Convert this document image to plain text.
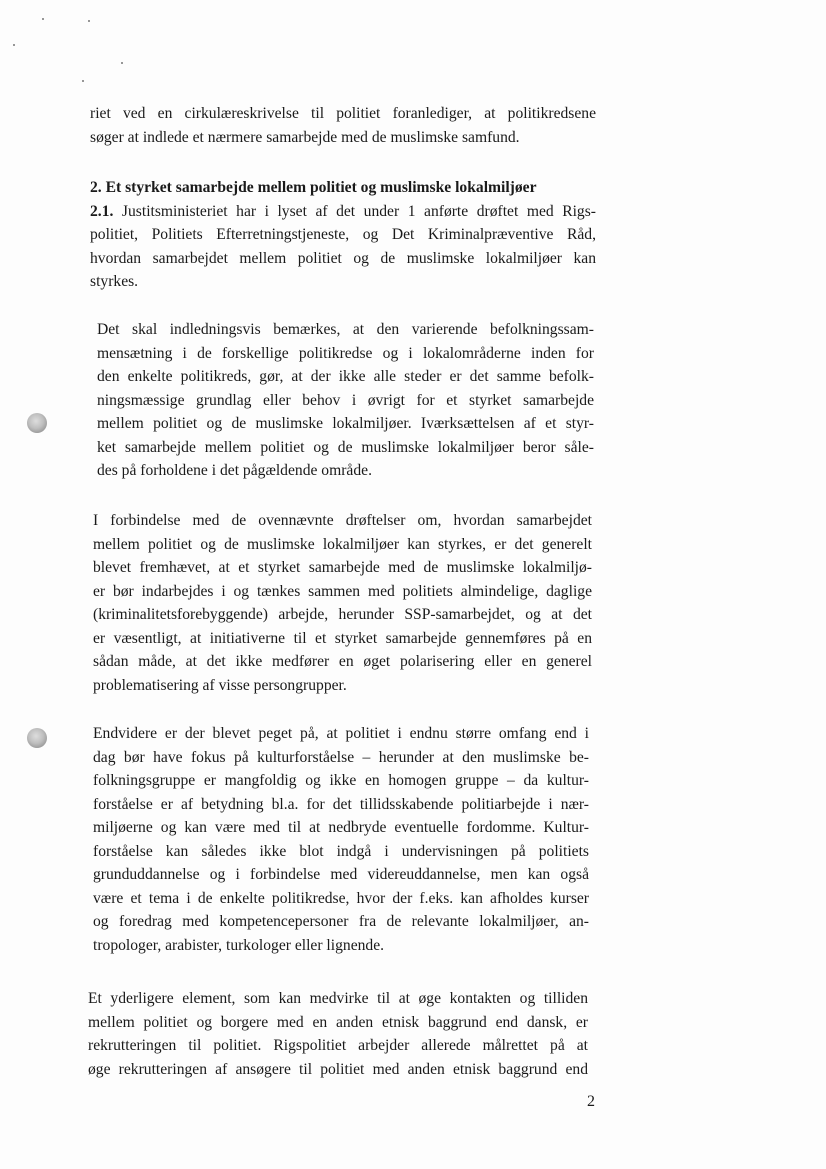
riet ved en cirkulæreskrivelse til politiet foranlediger, at politikredsene
søger at indlede et nærmere samarbejde med de muslimske samfund.
2. Et styrket samarbejde mellem politiet og muslimske lokalmiljøer
2.1. Justitsministeriet har i lyset af det under 1 anførte drøftet med Rigs-
politiet, Politiets Efterretningstjeneste, og Det Kriminalpræventive Råd,
hvordan samarbejdet mellem politiet og de muslimske lokalmiljøer kan
styrkes.
Det skal indledningsvis bemærkes, at den varierende befolkningssam-
mensætning i de forskellige politikredse og i lokalområderne inden for
den enkelte politikreds, gør, at der ikke alle steder er det samme befolk-
ningsmæssige grundlag eller behov i øvrigt for et styrket samarbejde
mellem politiet og de muslimske lokalmiljøer. Iværksættelsen af et styr-
ket samarbejde mellem politiet og de muslimske lokalmiljøer beror såle-
des på forholdene i det pågældende område.
I forbindelse med de ovennævnte drøftelser om, hvordan samarbejdet
mellem politiet og de muslimske lokalmiljøer kan styrkes, er det generelt
blevet fremhævet, at et styrket samarbejde med de muslimske lokalmiljø-
er bør indarbejdes i og tænkes sammen med politiets almindelige, daglige
(kriminalitetsforebyggende) arbejde, herunder SSP-samarbejdet, og at det
er væsentligt, at initiativerne til et styrket samarbejde gennemføres på en
sådan måde, at det ikke medfører en øget polarisering eller en generel
problematisering af visse persongrupper.
Endvidere er der blevet peget på, at politiet i endnu større omfang end i
dag bør have fokus på kulturforståelse – herunder at den muslimske be-
folkningsgruppe er mangfoldig og ikke en homogen gruppe – da kultur-
forståelse er af betydning bl.a. for det tillidsskabende politiarbejde i nær-
miljøerne og kan være med til at nedbryde eventuelle fordomme. Kultur-
forståelse kan således ikke blot indgå i undervisningen på politiets
grunduddannelse og i forbindelse med videreuddannelse, men kan også
være et tema i de enkelte politikredse, hvor der f.eks. kan afholdes kurser
og foredrag med kompetencepersoner fra de relevante lokalmiljøer, an-
tropologer, arabister, turkologer eller lignende.
Et yderligere element, som kan medvirke til at øge kontakten og tilliden
mellem politiet og borgere med en anden etnisk baggrund end dansk, er
rekrutteringen til politiet. Rigspolitiet arbejder allerede målrettet på at
øge rekrutteringen af ansøgere til politiet med anden etnisk baggrund end
2
